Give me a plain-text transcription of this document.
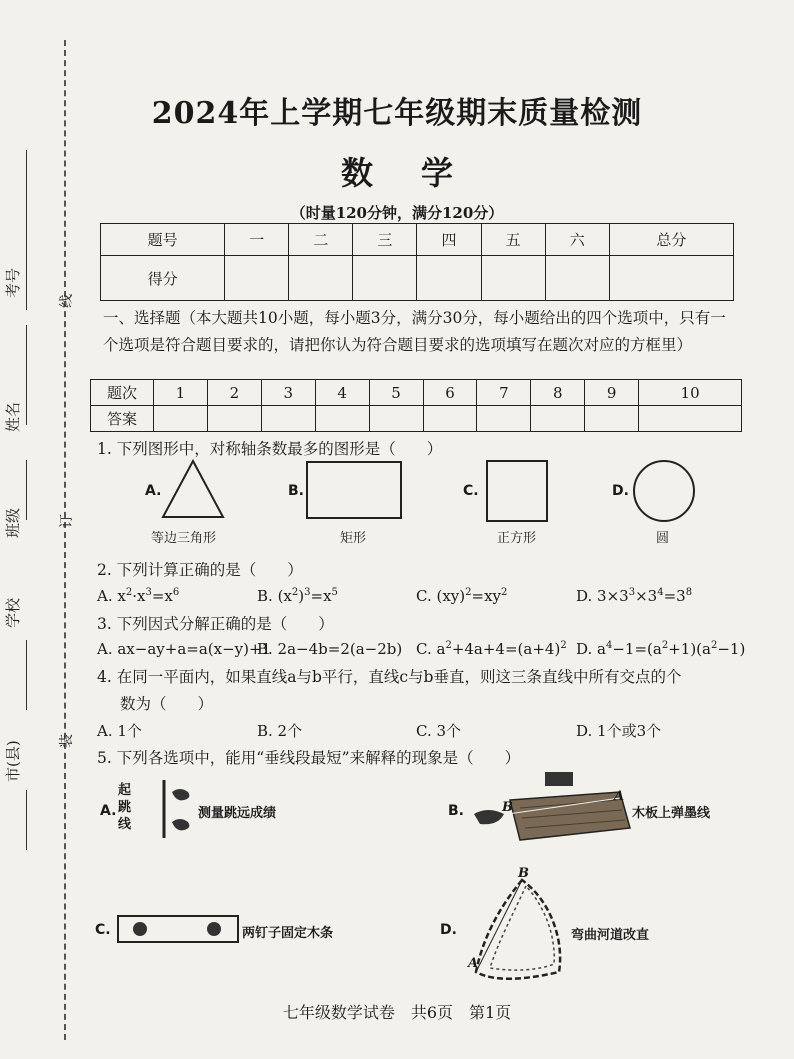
考号
姓名
班级
学校
市(县)
线
订
装
2024年上学期七年级期末质量检测
数学
（时量120分钟，满分120分）
题号	一	二	三	四	五	六	总分
得分							
一、选择题（本大题共10小题，每小题3分，满分30分，每小题给出的四个选项中，只有一个选项是符合题目要求的，请把你认为符合题目要求的选项填写在题次对应的方框里）
题次	1	2	3	4	5	6	7	8	9	10
答案										
1. 下列图形中，对称轴条数最多的图形是（　　）
A.
等边三角形
B.
矩形
C.
正方形
D.
圆
2. 下列计算正确的是（　　）
A. $x^2\cdot x^3=x^6$	B. $(x^2)^3=x^5$	C. $(xy)^2=xy^2$	D. $3\times 3^3\times 3^4=3^8$
3. 下列因式分解正确的是（　　）
A. ax−ay+a=a(x−y)+1
B. 2a−4b=2(a−2b) C. $a^2+4a+4=(a+4)^2$ D. $a^4-1=(a^2+1)(a^2-1)$
4. 在同一平面内，如果直线a与b平行，直线c与b垂直，则这三条直线中所有交点的个
数为（　　）
A. 1个	B. 2个	C. 3个	D. 1个或3个
5. 下列各选项中，能用“垂线段最短”来解释的现象是（　　）
A.
起跳线
测量跳远成绩	B.	B
A
木板上弹墨线
C.	两钉子固定木条	D.
B
A
弯曲河道改直
七年级数学试卷　共6页　第1页
